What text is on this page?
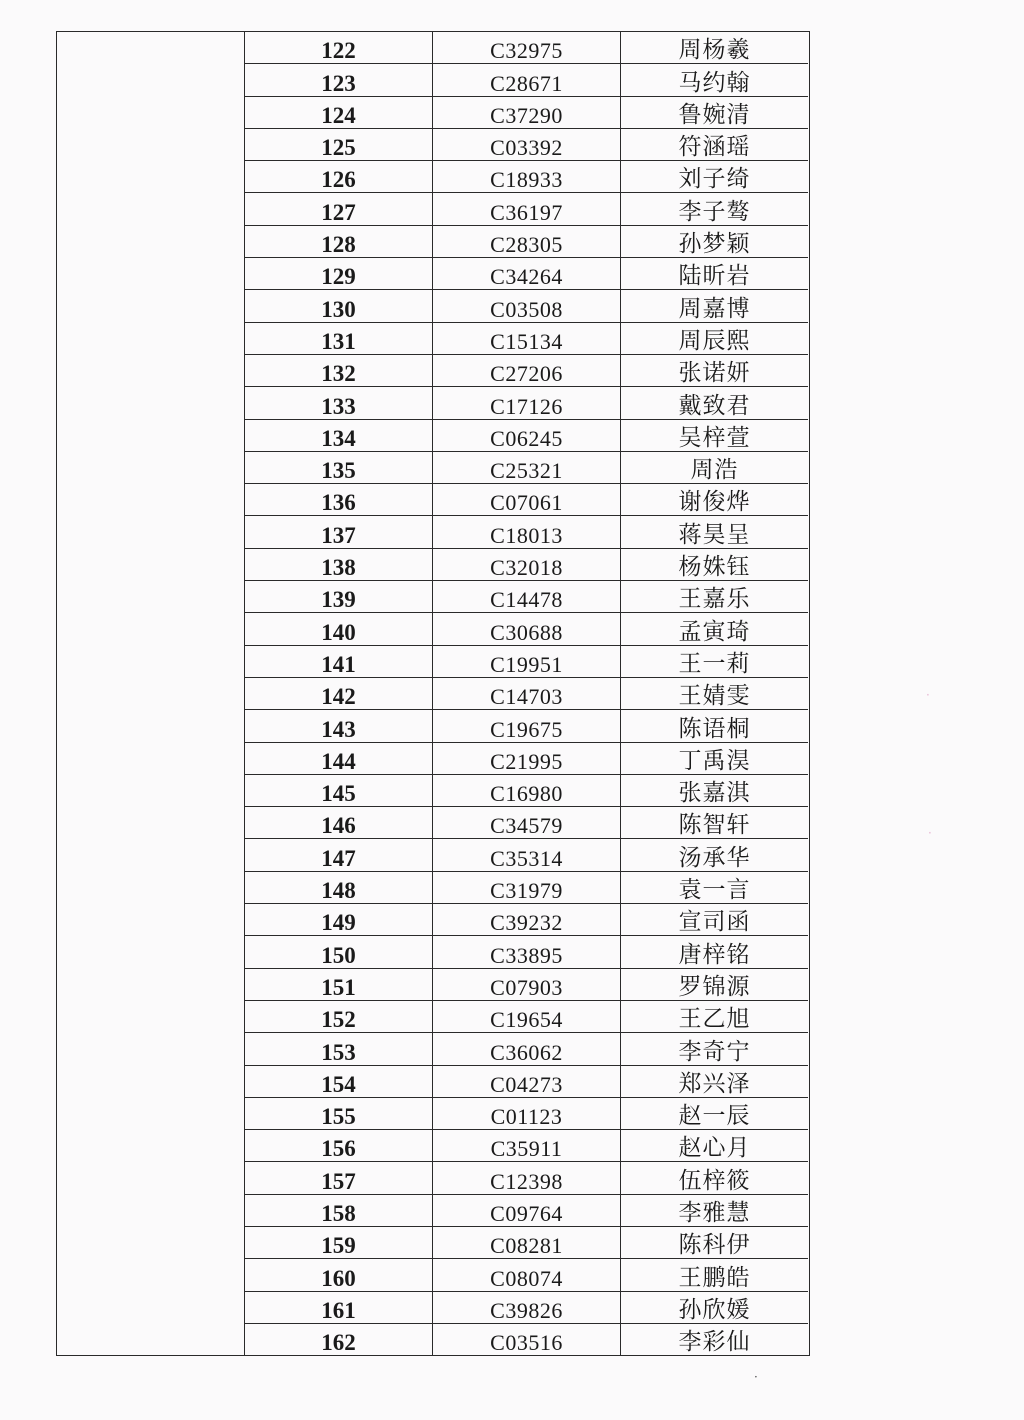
122	C32975	周杨羲
123	C28671	马约翰
124	C37290	鲁婉清
125	C03392	符涵瑶
126	C18933	刘子绮
127	C36197	李子骜
128	C28305	孙梦颖
129	C34264	陆昕岩
130	C03508	周嘉博
131	C15134	周辰熙
132	C27206	张诺妍
133	C17126	戴致君
134	C06245	吴梓萱
135	C25321	周浩
136	C07061	谢俊烨
137	C18013	蒋昊呈
138	C32018	杨姝钰
139	C14478	王嘉乐
140	C30688	孟寅琦
141	C19951	王一莉
142	C14703	王婧雯
143	C19675	陈语桐
144	C21995	丁禹淏
145	C16980	张嘉淇
146	C34579	陈智轩
147	C35314	汤承华
148	C31979	袁一言
149	C39232	宣司函
150	C33895	唐梓铭
151	C07903	罗锦源
152	C19654	王乙旭
153	C36062	李奇宁
154	C04273	郑兴泽
155	C01123	赵一辰
156	C35911	赵心月
157	C12398	伍梓筱
158	C09764	李雅慧
159	C08281	陈科伊
160	C08074	王鹏皓
161	C39826	孙欣媛
162	C03516	李彩仙
·
·
·
